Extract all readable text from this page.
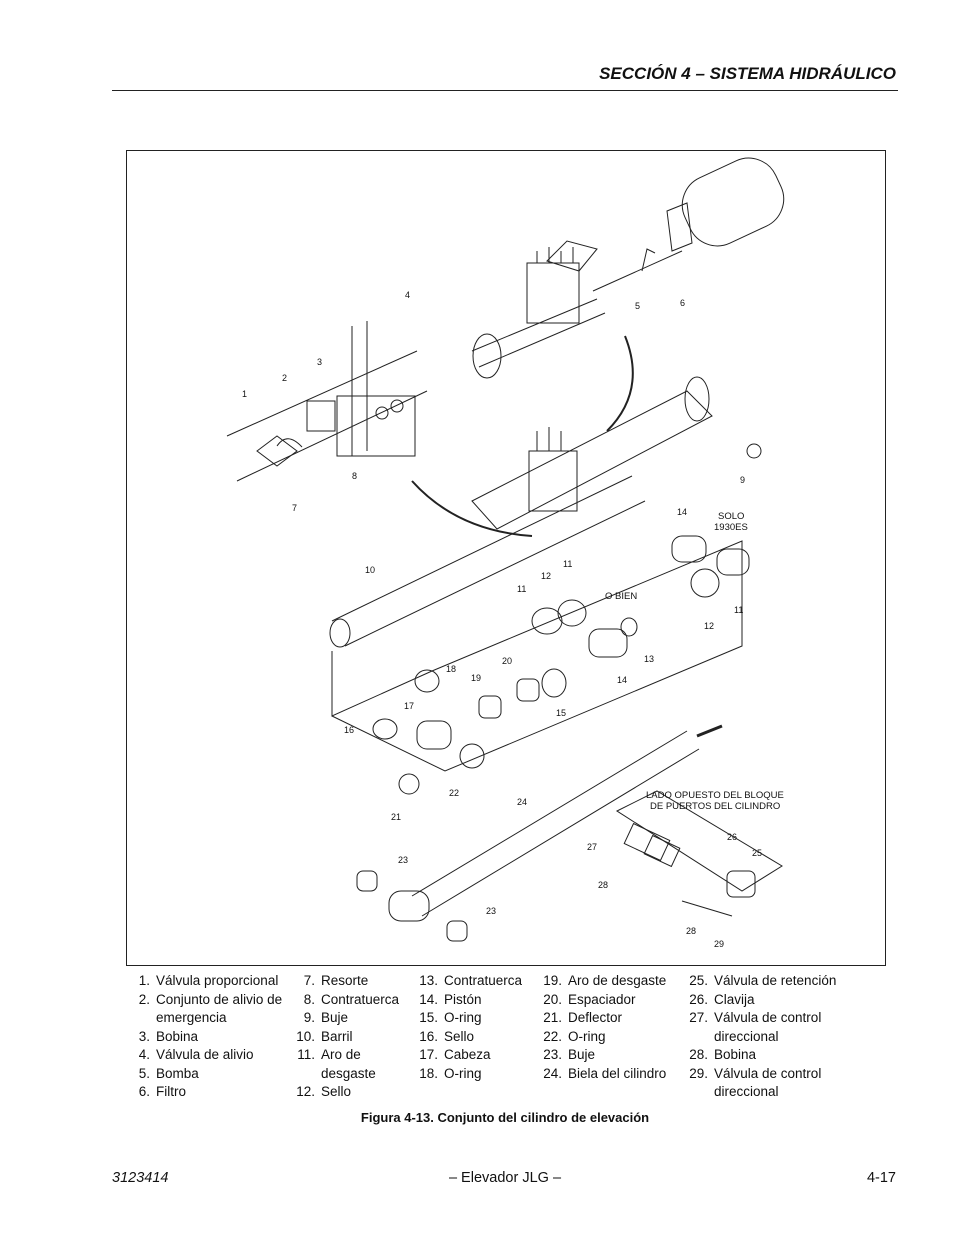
SECCIÓN 4 – SISTEMA HIDRÁULICO
1
2
3
4
5	6
7
8	9
10
11
11
11
12
12
13
14
14
15
16
17
18
19
20
21
22
23
23
24
25
26
27
28
28
29
SOLO
1930ES
O BIEN
LADO OPUESTO DEL BLOQUE
DE PUERTOS DEL CILINDRO
1. Válvula proporcional
2. Conjunto de alivio de emergencia
3. Bobina
4. Válvula de alivio
5. Bomba
6. Filtro
7. Resorte
8. Contratuerca
9. Buje
10. Barril
11. Aro de desgaste
12. Sello
13. Contratuerca
14. Pistón
15. O-ring
16. Sello
17. Cabeza
18. O-ring
19. Aro de desgaste
20. Espaciador
21. Deflector
22. O-ring
23. Buje
24. Biela del cilindro
25. Válvula de retención
26. Clavija
27. Válvula de control direccional
28. Bobina
29. Válvula de control direccional
Figura 4-13. Conjunto del cilindro de elevación
3123414	– Elevador JLG –	4-17
